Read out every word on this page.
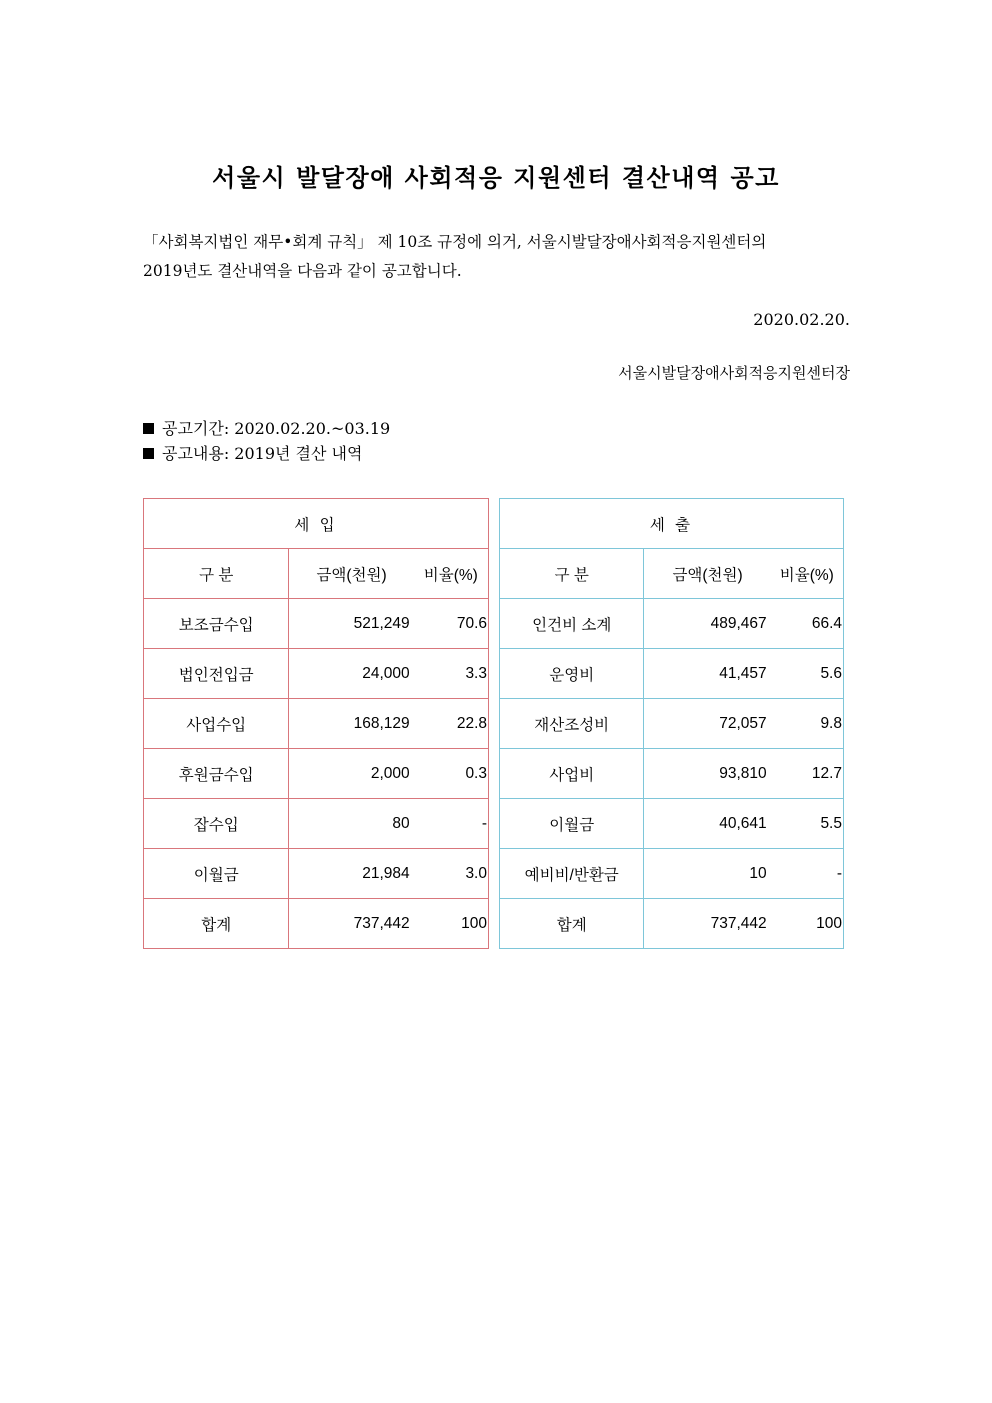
서울시 발달장애 사회적응 지원센터 결산내역 공고

「사회복지법인 재무•회계 규칙」 제 10조 규정에 의거, 서울시발달장애사회적응지원센터의

2019년도 결산내역을 다음과 같이 공고합니다.

2020.02.20.
서울시발달장애사회적응지원센터장
공고기간: 2020.02.20.~03.19
공고내용: 2019년 결산 내역
세 입		
구 분	금액(천원)	비율(%)
보조금수입	521,249	70.6
법인전입금	24,000	3.3
사업수입	168,129	22.8
후원금수입	2,000	0.3
잡수입	80	-
이월금	21,984	3.0
합계	737,442	100
세 출		
구 분	금액(천원)	비율(%)
인건비 소계	489,467	66.4
운영비	41,457	5.6
재산조성비	72,057	9.8
사업비	93,810	12.7
이월금	40,641	5.5
예비비/반환금	10	-
합계	737,442	100
